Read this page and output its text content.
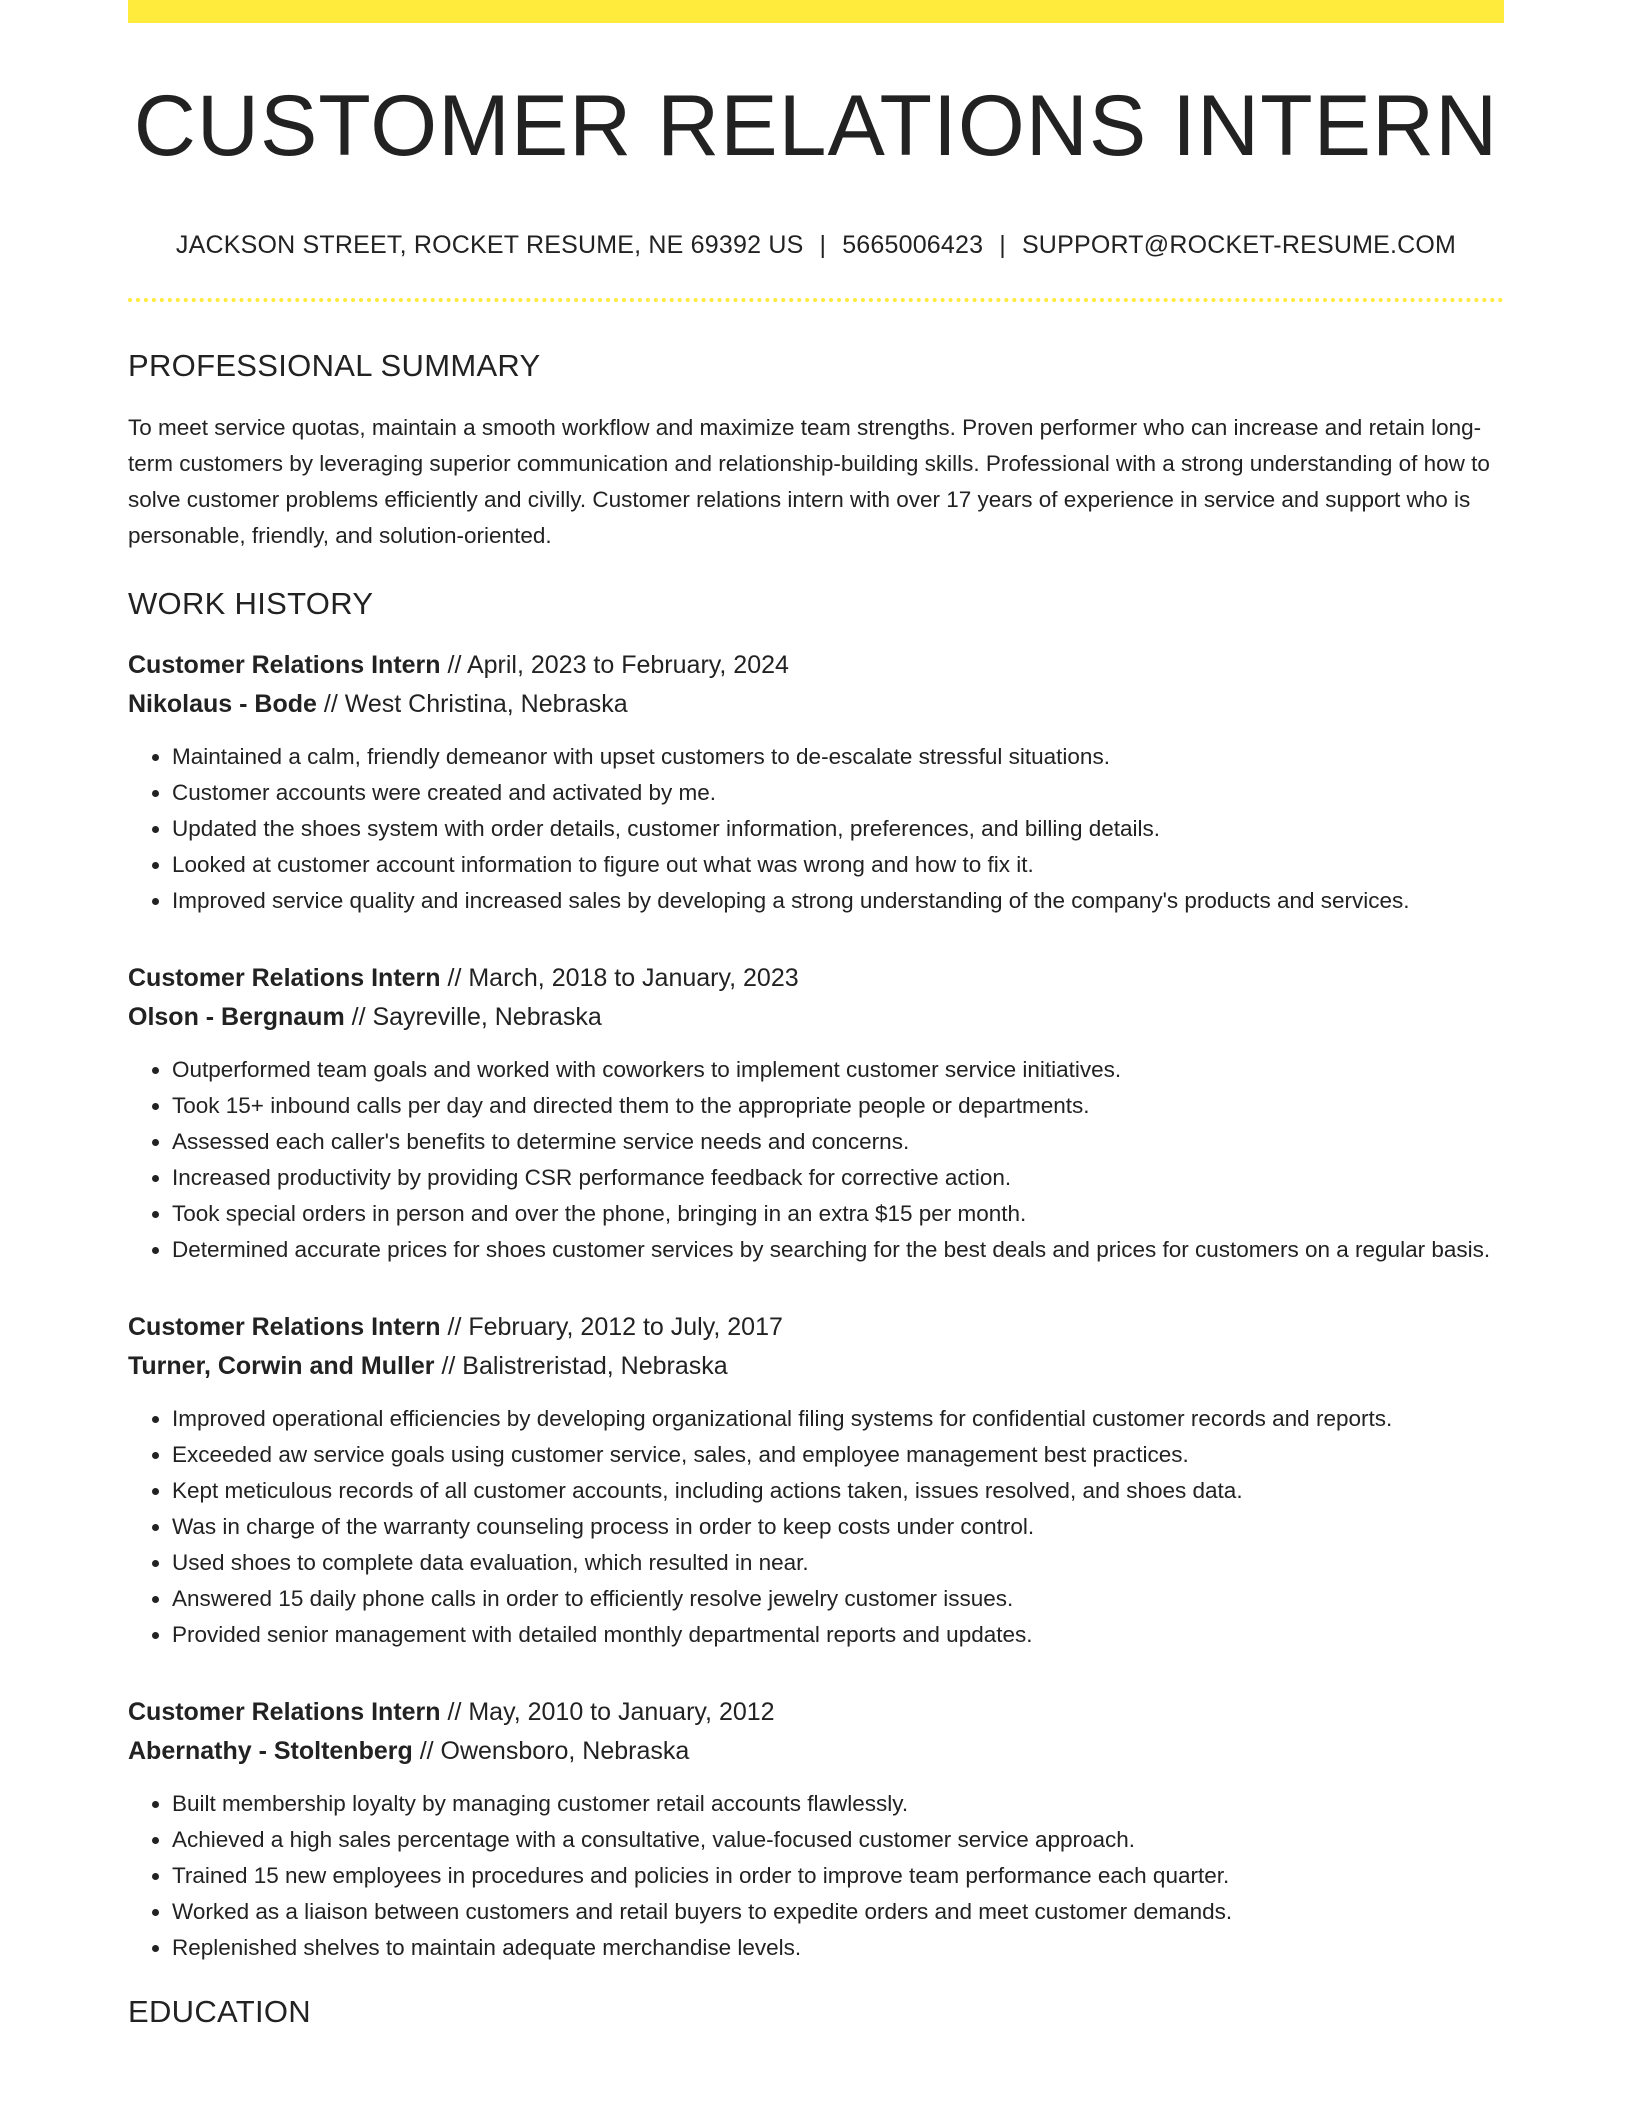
CUSTOMER RELATIONS INTERN
JACKSON STREET, ROCKET RESUME, NE 69392 US | 5665006423 | SUPPORT@ROCKET-RESUME.COM
PROFESSIONAL SUMMARY

To meet service quotas, maintain a smooth workflow and maximize team strengths. Proven performer who can increase and retain long-term customers by leveraging superior communication and relationship-building skills. Professional with a strong understanding of how to solve customer problems efficiently and civilly. Customer relations intern with over 17 years of experience in service and support who is personable, friendly, and solution-oriented.

WORK HISTORY
Customer Relations Intern // April, 2023 to February, 2024
Nikolaus - Bode // West Christina, Nebraska
• Maintained a calm, friendly demeanor with upset customers to de-escalate stressful situations.
• Customer accounts were created and activated by me.
• Updated the shoes system with order details, customer information, preferences, and billing details.
• Looked at customer account information to figure out what was wrong and how to fix it.
• Improved service quality and increased sales by developing a strong understanding of the company's products and services.
Customer Relations Intern // March, 2018 to January, 2023
Olson - Bergnaum // Sayreville, Nebraska
• Outperformed team goals and worked with coworkers to implement customer service initiatives.
• Took 15+ inbound calls per day and directed them to the appropriate people or departments.
• Assessed each caller's benefits to determine service needs and concerns.
• Increased productivity by providing CSR performance feedback for corrective action.
• Took special orders in person and over the phone, bringing in an extra $15 per month.
• Determined accurate prices for shoes customer services by searching for the best deals and prices for customers on a regular basis.
Customer Relations Intern // February, 2012 to July, 2017
Turner, Corwin and Muller // Balistreristad, Nebraska
• Improved operational efficiencies by developing organizational filing systems for confidential customer records and reports.
• Exceeded aw service goals using customer service, sales, and employee management best practices.
• Kept meticulous records of all customer accounts, including actions taken, issues resolved, and shoes data.
• Was in charge of the warranty counseling process in order to keep costs under control.
• Used shoes to complete data evaluation, which resulted in near.
• Answered 15 daily phone calls in order to efficiently resolve jewelry customer issues.
• Provided senior management with detailed monthly departmental reports and updates.
Customer Relations Intern // May, 2010 to January, 2012
Abernathy - Stoltenberg // Owensboro, Nebraska
• Built membership loyalty by managing customer retail accounts flawlessly.
• Achieved a high sales percentage with a consultative, value-focused customer service approach.
• Trained 15 new employees in procedures and policies in order to improve team performance each quarter.
• Worked as a liaison between customers and retail buyers to expedite orders and meet customer demands.
• Replenished shelves to maintain adequate merchandise levels.
EDUCATION
